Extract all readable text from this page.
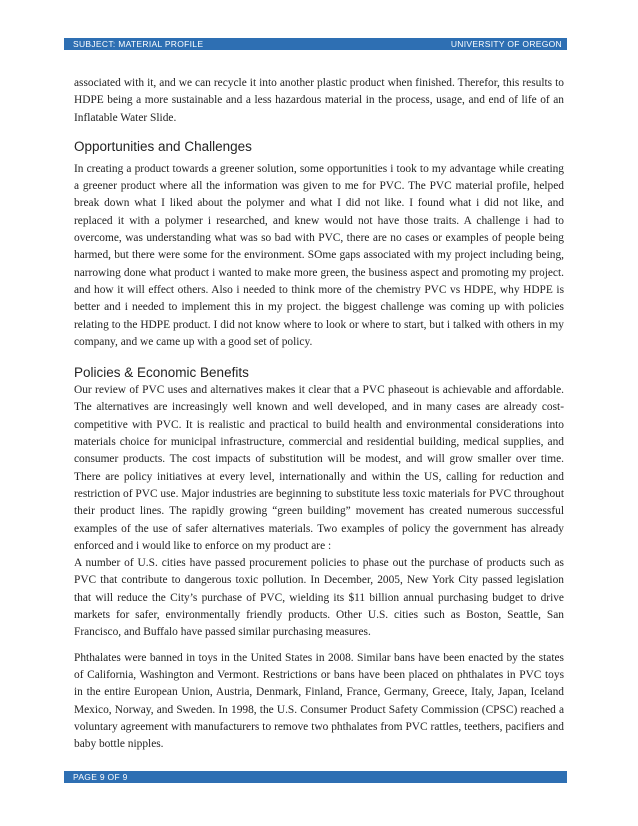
SUBJECT: MATERIAL PROFILE	UNIVERSITY OF OREGON

associated with it, and we can recycle it into another plastic product when finished. Therefor, this results to HDPE being a more sustainable and a less hazardous material in the process, usage, and end of life of an Inflatable Water Slide.

Opportunities and Challenges

In creating a product towards a greener solution, some opportunities i took to my advantage while creating a greener product where all the information was given to me for PVC. The PVC material profile, helped break down what I liked about the polymer and what I did not like. I found what i did not like, and replaced it with a polymer i researched, and knew would not have those traits. A challenge i had to overcome, was understanding what was so bad with PVC, there are no cases or examples of people being harmed, but there were some for the environment. SOme gaps associated with my project including being, narrowing done what product i wanted to make more green, the business aspect and promoting my project. and how it will effect others. Also i needed to think more of the chemistry PVC vs HDPE, why HDPE is better and i needed to implement this in my project. the biggest challenge was coming up with policies relating to the HDPE product. I did not know where to look or where to start, but i talked with others in my company, and we came up with a good set of policy.

Policies & Economic Benefits

Our review of PVC uses and alternatives makes it clear that a PVC phaseout is achievable and affordable. The alternatives are increasingly well known and well developed, and in many cases are already cost-competitive with PVC. It is realistic and practical to build health and environmental considerations into materials choice for municipal infrastructure, commercial and residential building, medical supplies, and consumer products. The cost impacts of substitution will be modest, and will grow smaller over time. There are policy initiatives at every level, internationally and within the US, calling for reduction and restriction of PVC use. Major industries are beginning to substitute less toxic materials for PVC throughout their product lines. The rapidly growing “green building” movement has created numerous successful examples of the use of safer alternatives materials. Two examples of policy the government has already enforced and i would like to enforce on my product are :

A number of U.S. cities have passed procurement policies to phase out the purchase of products such as PVC that contribute to dangerous toxic pollution. In December, 2005, New York City passed legislation that will reduce the City’s purchase of PVC, wielding its $11 billion annual purchasing budget to drive markets for safer, environmentally friendly products. Other U.S. cities such as Boston, Seattle, San Francisco, and Buffalo have passed similar purchasing measures.

Phthalates were banned in toys in the United States in 2008. Similar bans have been enacted by the states of California, Washington and Vermont. Restrictions or bans have been placed on phthalates in PVC toys in the entire European Union, Austria, Denmark, Finland, France, Germany, Greece, Italy, Japan, Iceland Mexico, Norway, and Sweden. In 1998, the U.S. Consumer Product Safety Commission (CPSC) reached a voluntary agreement with manufacturers to remove two phthalates from PVC rattles, teethers, pacifiers and baby bottle nipples.

PAGE 9 OF 9
